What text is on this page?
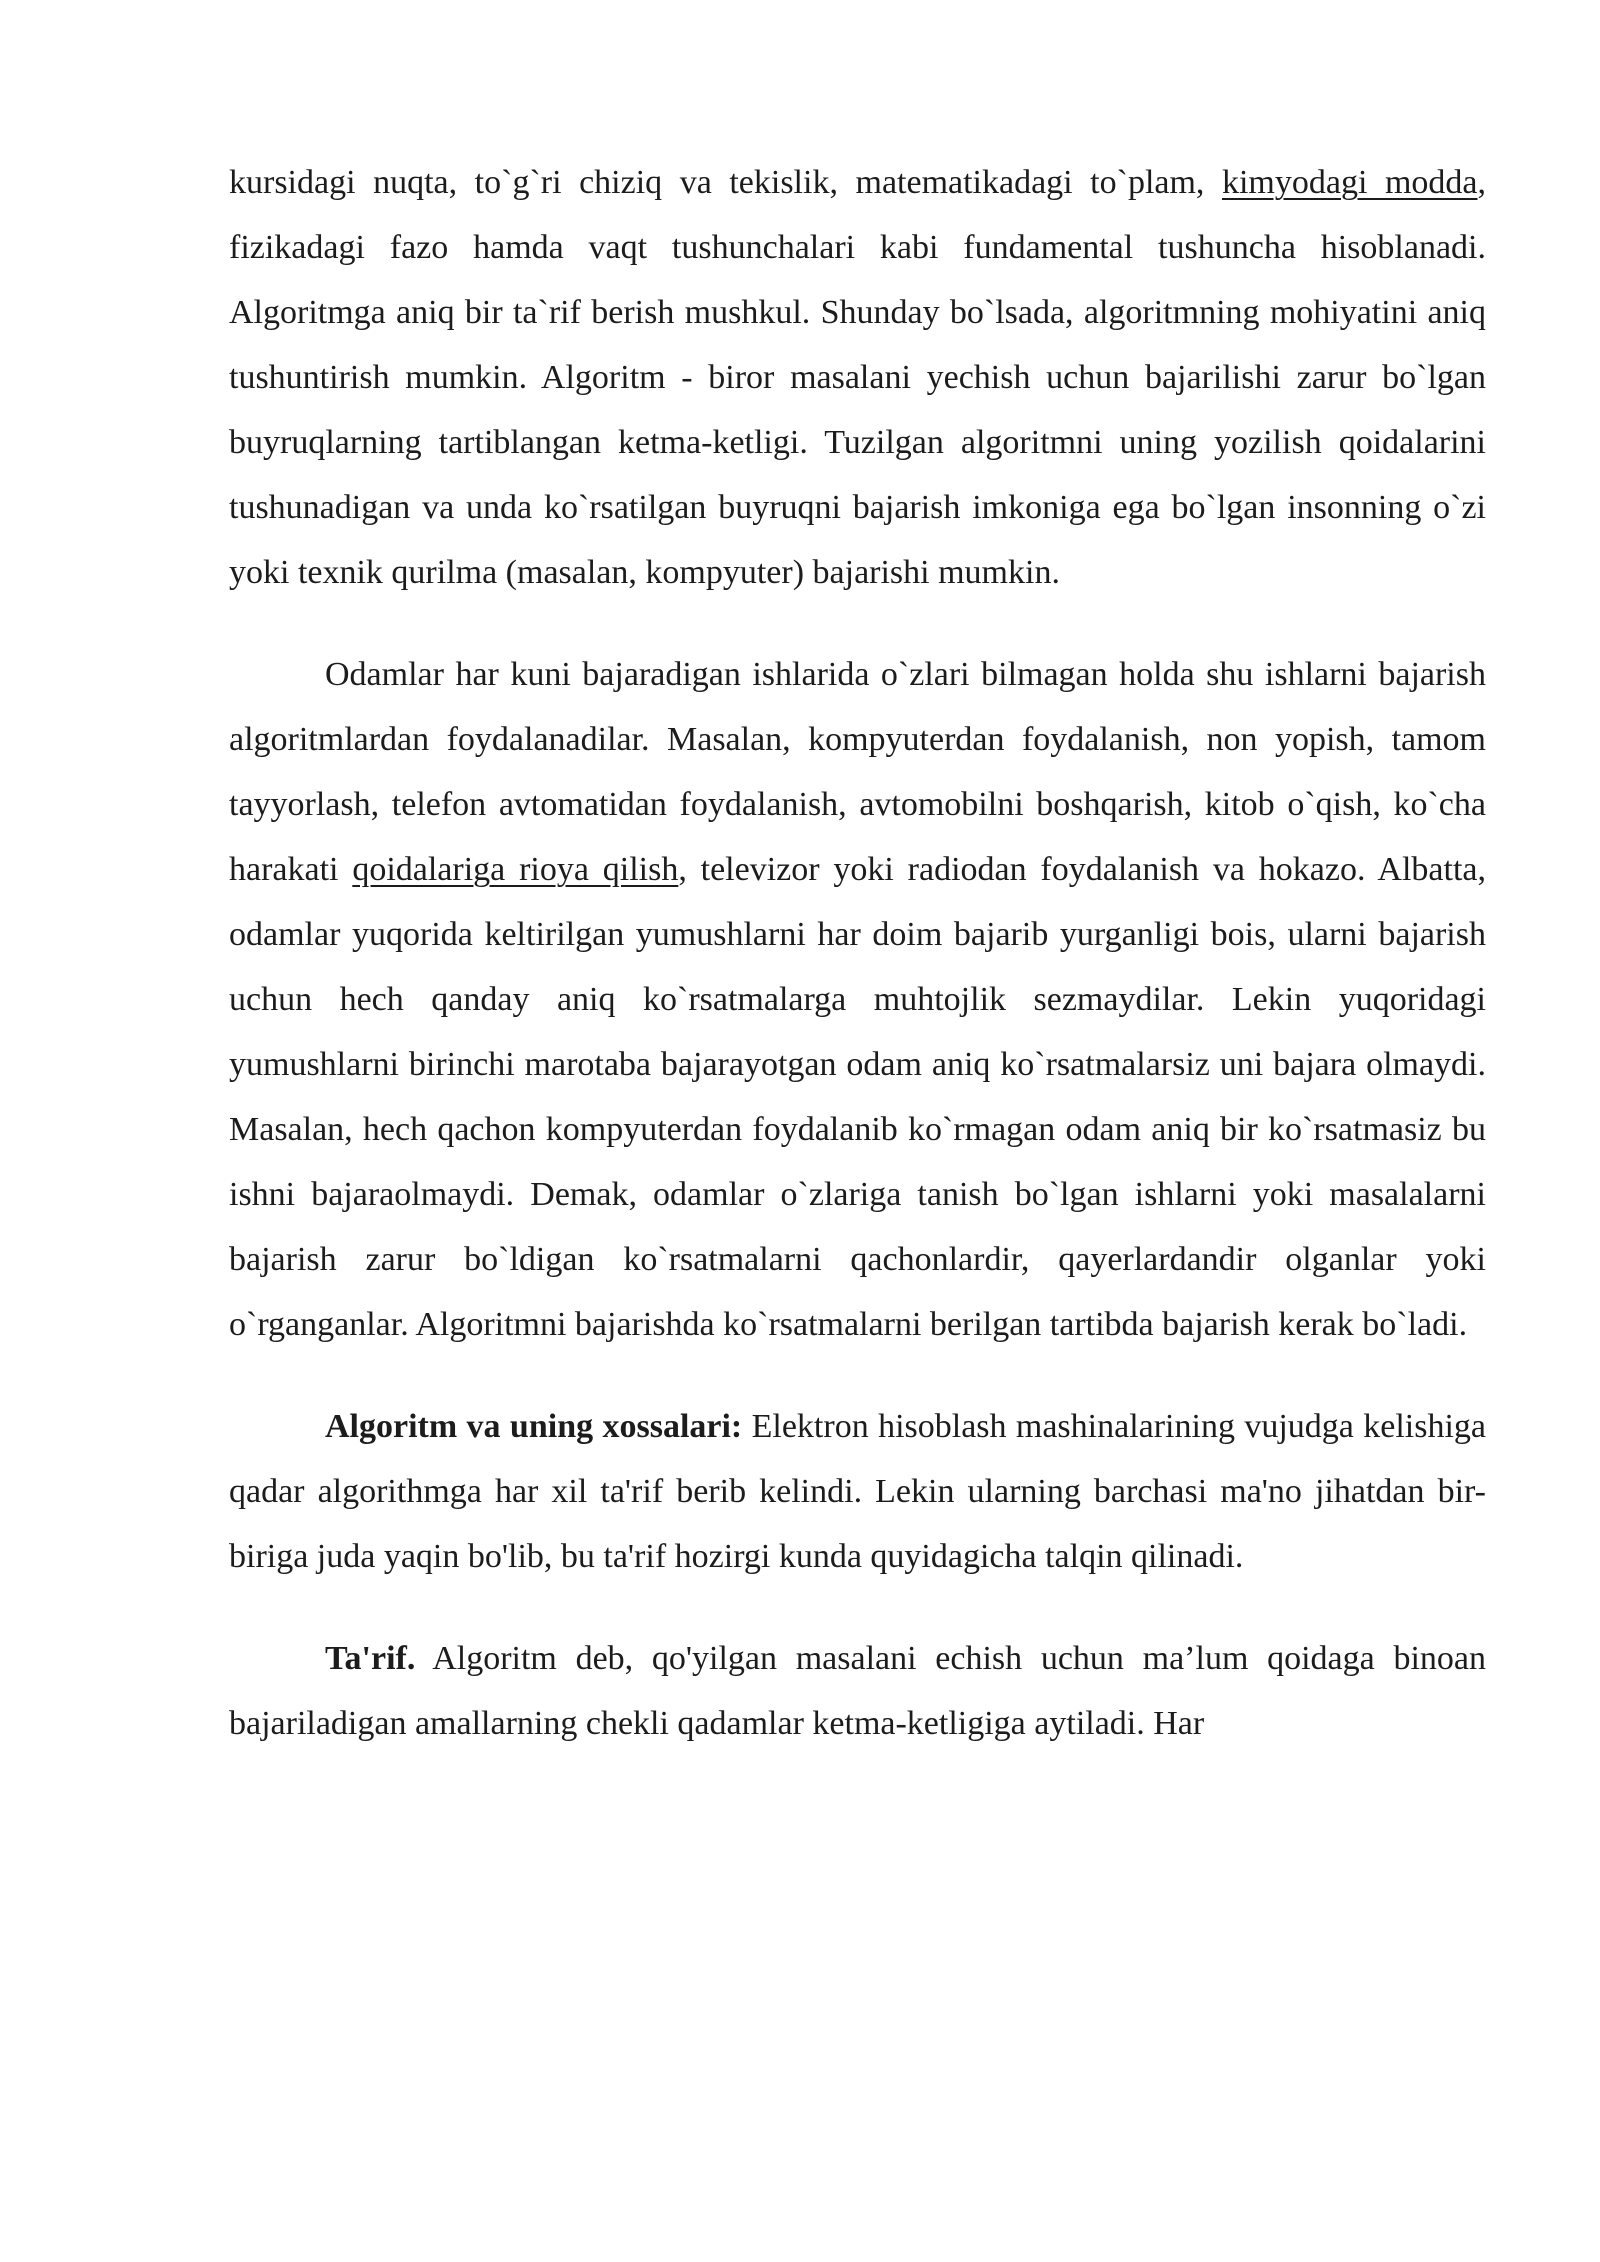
kursidagi nuqta, to`g`ri chiziq va tekislik, matematikadagi to`plam, kimyodagi modda, fizikadagi fazo hamda vaqt tushunchalari kabi fundamental tushuncha hisoblanadi. Algoritmga aniq bir ta`rif berish mushkul. Shunday bo`lsada, algoritmning mohiyatini aniq tushuntirish mumkin. Algoritm - biror masalani yechish uchun bajarilishi zarur bo`lgan buyruqlarning tartiblangan ketma-ketligi. Tuzilgan algoritmni uning yozilish qoidalarini tushunadigan va unda ko`rsatilgan buyruqni bajarish imkoniga ega bo`lgan insonning o`zi yoki texnik qurilma (masalan, kompyuter) bajarishi mumkin.

Odamlar har kuni bajaradigan ishlarida o`zlari bilmagan holda shu ishlarni bajarish algoritmlardan foydalanadilar. Masalan, kompyuterdan foydalanish, non yopish, tamom tayyorlash, telefon avtomatidan foydalanish, avtomobilni boshqarish, kitob o`qish, ko`cha harakati qoidalariga rioya qilish, televizor yoki radiodan foydalanish va hokazo. Albatta, odamlar yuqorida keltirilgan yumushlarni har doim bajarib yurganligi bois, ularni bajarish uchun hech qanday aniq ko`rsatmalarga muhtojlik sezmaydilar. Lekin yuqoridagi yumushlarni birinchi marotaba bajarayotgan odam aniq ko`rsatmalarsiz uni bajara olmaydi. Masalan, hech qachon kompyuterdan foydalanib ko`rmagan odam aniq bir ko`rsatmasiz bu ishni bajaraolmaydi. Demak, odamlar o`zlariga tanish bo`lgan ishlarni yoki masalalarni bajarish zarur bo`ldigan ko`rsatmalarni qachonlardir, qayerlardandir olganlar yoki o`rganganlar. Algoritmni bajarishda ko`rsatmalarni berilgan tartibda bajarish kerak bo`ladi.

Algoritm va uning xossalari: Elektron hisoblash mashinalarining vujudga kelishiga qadar algorithmga har xil ta'rif berib kelindi. Lekin ularning barchasi ma'no jihatdan bir-biriga juda yaqin bo'lib, bu ta'rif hozirgi kunda quyidagicha talqin qilinadi.

Ta'rif. Algoritm deb, qo'yilgan masalani echish uchun ma’lum qoidaga binoan bajariladigan amallarning chekli qadamlar ketma-ketligiga aytiladi. Har
